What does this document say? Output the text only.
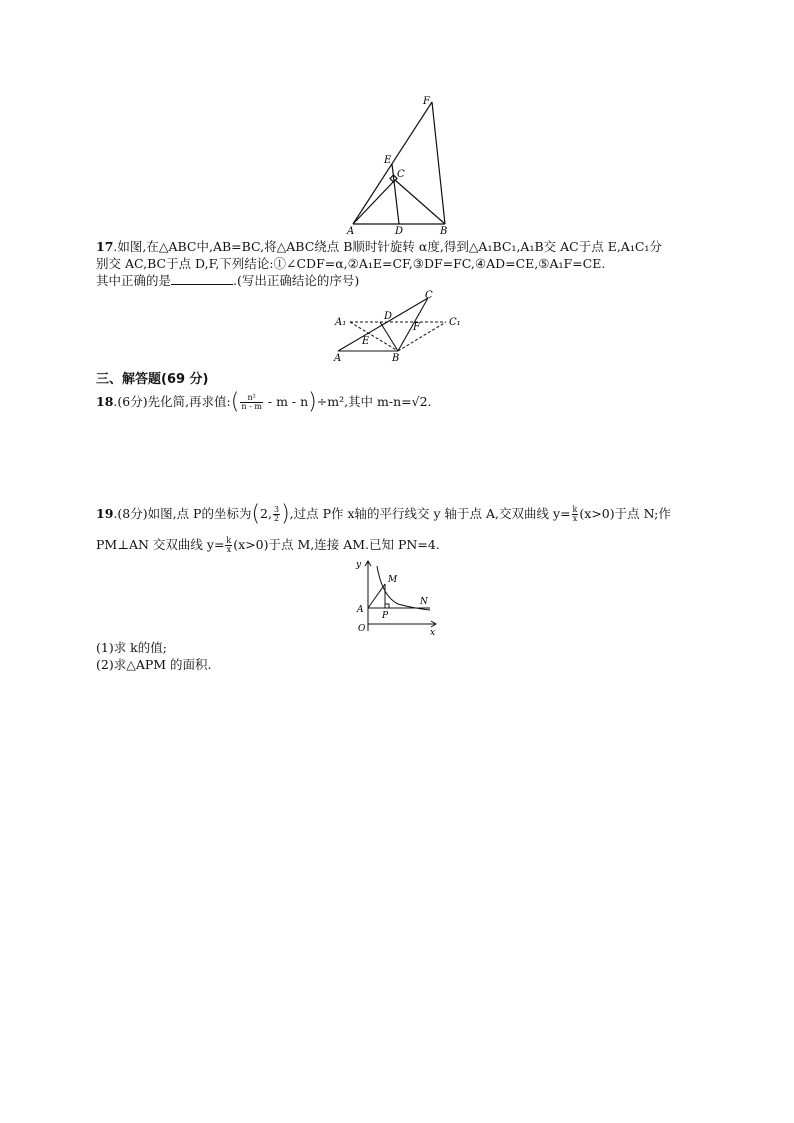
F
E
C
A	D	B
17.如图,在△ABC中,AB=BC,将△ABC绕点 B顺时针旋转 α度,得到△A₁BC₁,A₁B交 AC于点 E,A₁C₁分
别交 AC,BC于点 D,F,下列结论:①∠CDF=α,②A₁E=CF,③DF=FC,④AD=CE,⑤A₁F=CE.
其中正确的是	.(写出正确结论的序号)
C
A₁
D
C₁
F
E
A	B
三、解答题(69 分)
18.(6分)先化简,再求值:( $\frac{\text{n²}}{n - m} - m - n)\div m^2$,其中 m-n=√2.
19.(8分)如图,点 P的坐标为(2, $\frac{3}{2}$ ),过点 P作 x轴的平行线交 y 轴于点 A,交双曲线 $y= \frac{k}{x} (x>0)$于点 N;作
PM⊥AN 交双曲线 $y= \frac{k}{x} (x>0)$于点 M,连接 AM.已知 PN=4.
y
M
N
A
P
O	x
(1)求 k的值;
(2)求△APM 的面积.
